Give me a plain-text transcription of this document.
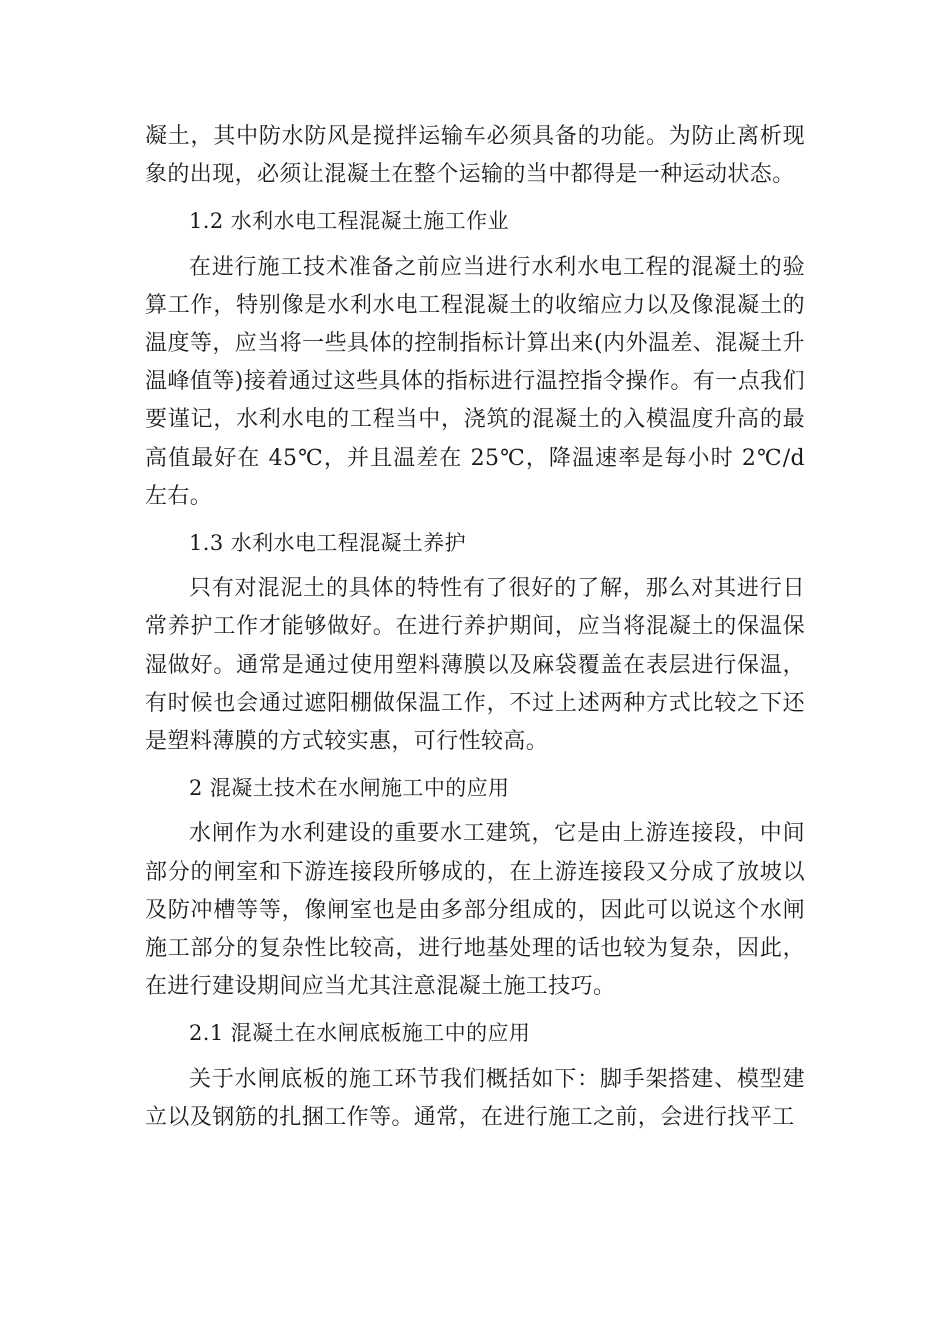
凝土，其中防水防风是搅拌运输车必须具备的功能。为防止离析现象的出现，必须让混凝土在整个运输的当中都得是一种运动状态。

1.2 水利水电工程混凝土施工作业

在进行施工技术准备之前应当进行水利水电工程的混凝土的验算工作，特别像是水利水电工程混凝土的收缩应力以及像混凝土的温度等，应当将一些具体的控制指标计算出来(内外温差、混凝土升温峰值等)接着通过这些具体的指标进行温控指令操作。有一点我们要谨记，水利水电的工程当中，浇筑的混凝土的入模温度升高的最高值最好在 45℃，并且温差在 25℃，降温速率是每小时 2℃/d 左右。

1.3 水利水电工程混凝土养护

只有对混泥土的具体的特性有了很好的了解，那么对其进行日常养护工作才能够做好。在进行养护期间，应当将混凝土的保温保湿做好。通常是通过使用塑料薄膜以及麻袋覆盖在表层进行保温，有时候也会通过遮阳棚做保温工作，不过上述两种方式比较之下还是塑料薄膜的方式较实惠，可行性较高。

2 混凝土技术在水闸施工中的应用

水闸作为水利建设的重要水工建筑，它是由上游连接段，中间部分的闸室和下游连接段所够成的，在上游连接段又分成了放坡以及防冲槽等等，像闸室也是由多部分组成的，因此可以说这个水闸施工部分的复杂性比较高，进行地基处理的话也较为复杂，因此，在进行建设期间应当尤其注意混凝土施工技巧。

2.1 混凝土在水闸底板施工中的应用

关于水闸底板的施工环节我们概括如下：脚手架搭建、模型建立以及钢筋的扎捆工作等。通常，在进行施工之前，会进行找平工
